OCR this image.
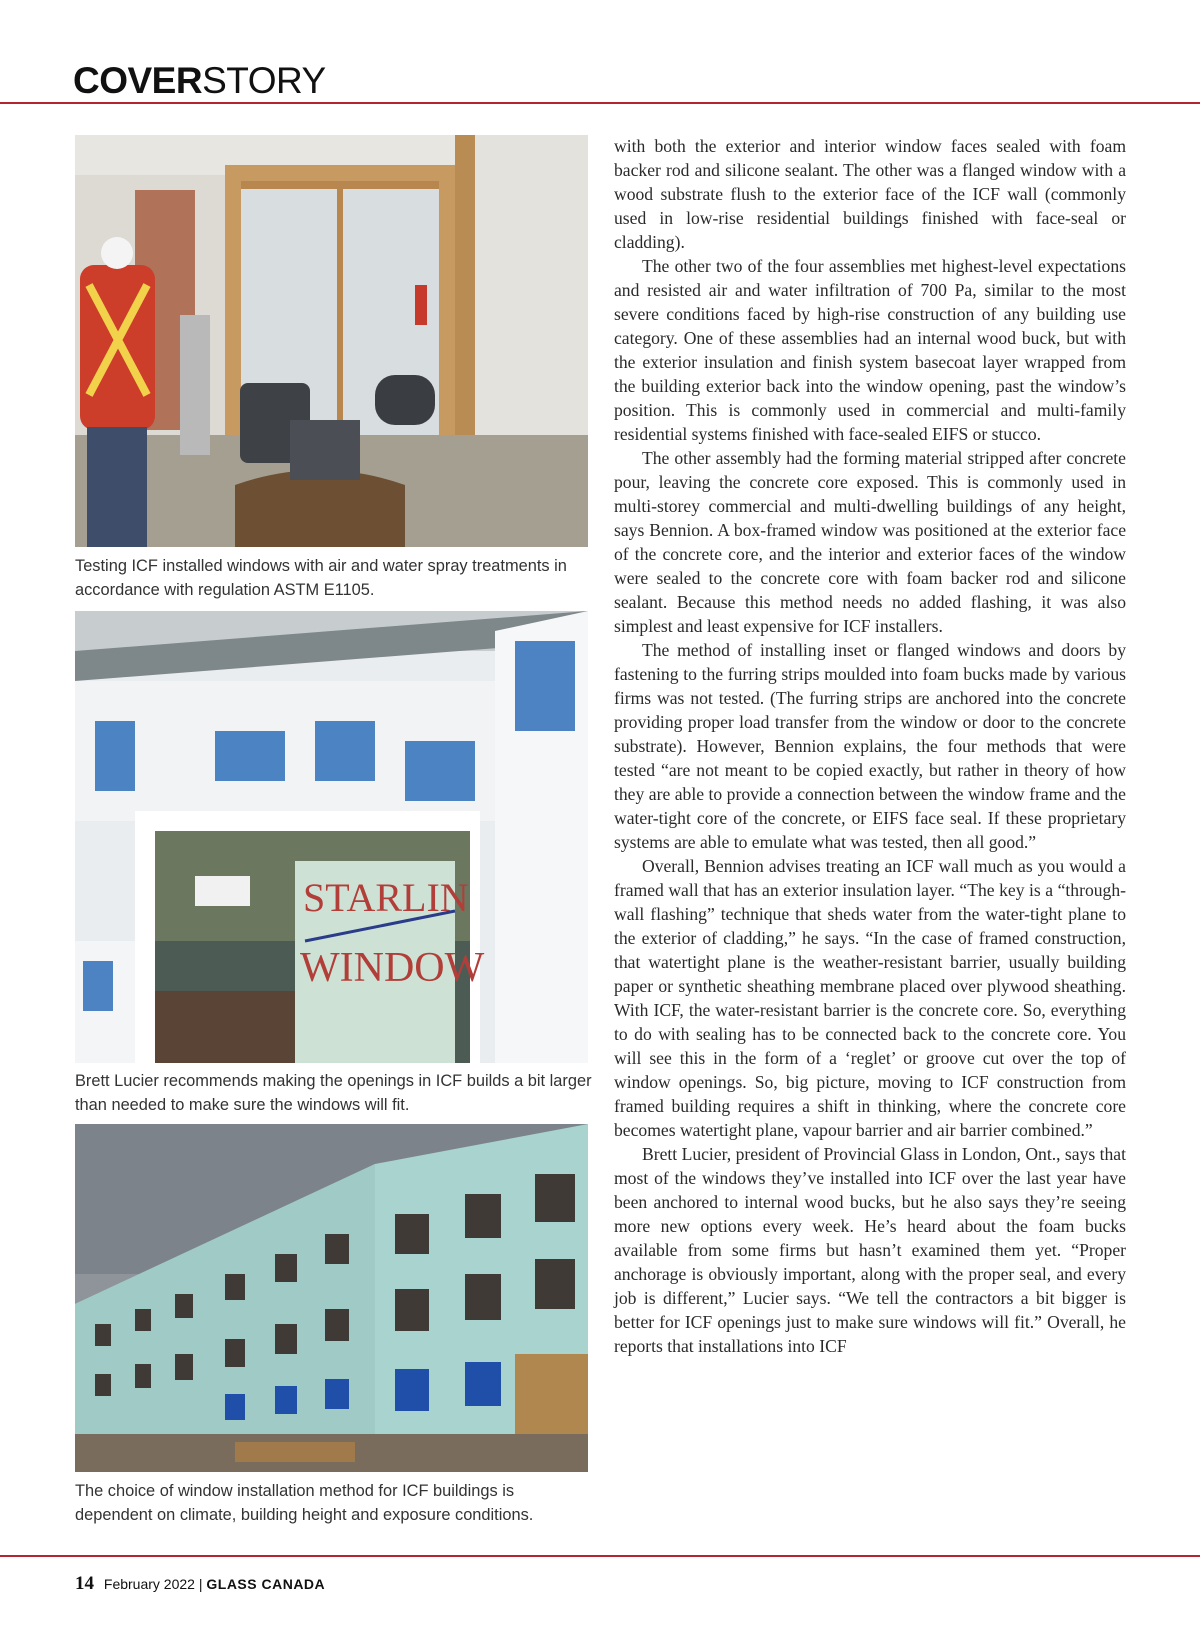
COVERSTORY
Testing ICF installed windows with air and water spray treatments in accordance with regulation ASTM E1105.
STARLIN
WINDOW
Brett Lucier recommends making the openings in ICF builds a bit larger than needed to make sure the windows will fit.
The choice of window installation method for ICF buildings is dependent on climate, building height and exposure conditions.

with both the exterior and interior window faces sealed with foam backer rod and silicone sealant. The other was a flanged window with a wood substrate flush to the exterior face of the ICF wall (commonly used in low-rise residential buildings finished with face-seal or cladding).

The other two of the four assemblies met highest-level expectations and resisted air and water infiltration of 700 Pa, similar to the most severe conditions faced by high-rise construction of any building use category. One of these assemblies had an internal wood buck, but with the exterior insulation and finish system basecoat layer wrapped from the building exterior back into the window opening, past the window’s position. This is commonly used in commercial and multi-family residential systems finished with face-sealed EIFS or stucco.

The other assembly had the forming material stripped after concrete pour, leaving the concrete core exposed. This is commonly used in multi-storey commercial and multi-dwelling buildings of any height, says Bennion. A box-framed window was positioned at the exterior face of the concrete core, and the interior and exterior faces of the window were sealed to the concrete core with foam backer rod and silicone sealant. Because this method needs no added flashing, it was also simplest and least expensive for ICF installers.

The method of installing inset or flanged windows and doors by fastening to the furring strips moulded into foam bucks made by various firms was not tested. (The furring strips are anchored into the concrete providing proper load transfer from the window or door to the concrete substrate). However, Bennion explains, the four methods that were tested “are not meant to be copied exactly, but rather in theory of how they are able to provide a connection between the window frame and the water-tight core of the concrete, or EIFS face seal. If these proprietary systems are able to emulate what was tested, then all good.”

Overall, Bennion advises treating an ICF wall much as you would a framed wall that has an exterior insulation layer. “The key is a “through-wall flashing” technique that sheds water from the water-tight plane to the exterior of cladding,” he says. “In the case of framed construction, that watertight plane is the weather-resistant barrier, usually building paper or synthetic sheathing membrane placed over plywood sheathing. With ICF, the water-resistant barrier is the concrete core. So, everything to do with sealing has to be connected back to the concrete core. You will see this in the form of a ‘reglet’ or groove cut over the top of window openings. So, big picture, moving to ICF construction from framed building requires a shift in thinking, where the concrete core becomes watertight plane, vapour barrier and air barrier combined.”

Brett Lucier, president of Provincial Glass in London, Ont., says that most of the windows they’ve installed into ICF over the last year have been anchored to internal wood bucks, but he also says they’re seeing more new options every week. He’s heard about the foam bucks available from some firms but hasn’t examined them yet. “Proper anchorage is obviously important, along with the proper seal, and every job is different,” Lucier says. “We tell the contractors a bit bigger is better for ICF openings just to make sure windows will fit.” Overall, he reports that installations into ICF

14 February 2022 | GLASS CANADA
